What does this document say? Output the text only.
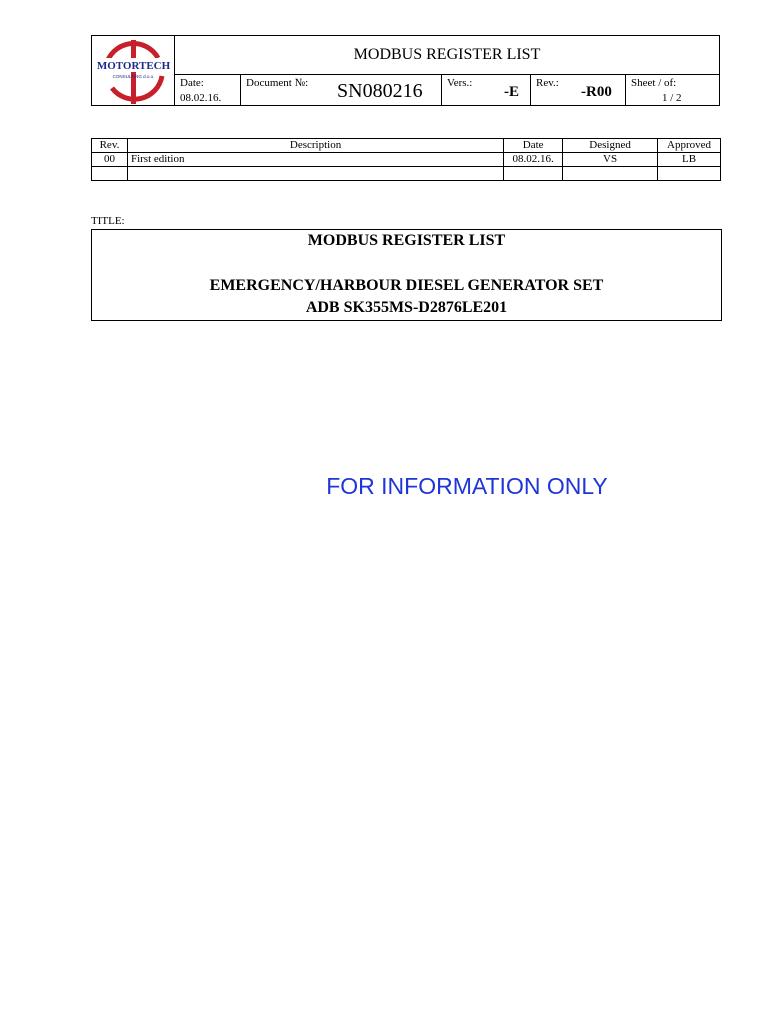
MOTORTECH
CONSULTING d.o.o.
MODBUS REGISTER LIST
Date:
08.02.16.
Document №: SN080216 Vers.:
-E
Rev.:
-R00
Sheet / of:
1 / 2
Rev.	Description	Date	Designed	Approved
00	First edition	08.02.16.	VS	LB

TITLE:
MODBUS REGISTER LIST
EMERGENCY/HARBOUR DIESEL GENERATOR SET
ADB SK355MS-D2876LE201
FOR INFORMATION ONLY
